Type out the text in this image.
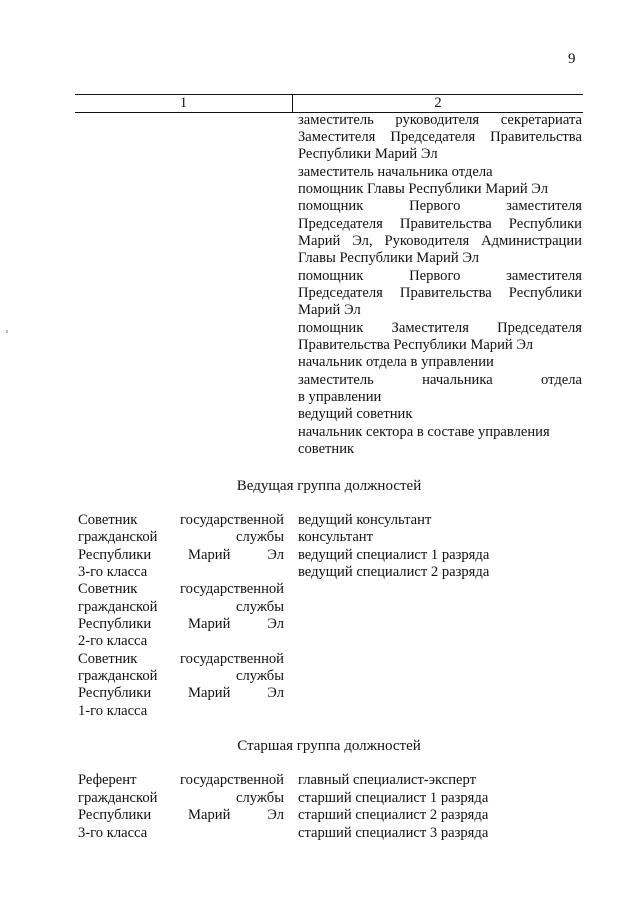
9
1	2
заместитель руководителя секретариата
Заместителя Председателя Правительства
Республики Марий Эл
заместитель начальника отдела
помощник Главы Республики Марий Эл
помощник Первого заместителя
Председателя Правительства Республики
Марий Эл, Руководителя Администрации
Главы Республики Марий Эл
помощник Первого заместителя
Председателя Правительства Республики
Марий Эл
помощник Заместителя Председателя
Правительства Республики Марий Эл
начальник отдела в управлении
заместитель начальника отдела
в управлении
ведущий советник
начальник сектора в составе управления
советник
Ведущая группа должностей
Советник государственной
гражданской службы
Республики Марий Эл
3-го класса
Советник государственной
гражданской службы
Республики Марий Эл
2-го класса
Советник государственной
гражданской службы
Республики Марий Эл
1-го класса
ведущий консультант
консультант
ведущий специалист 1 разряда
ведущий специалист 2 разряда
Старшая группа должностей
Референт государственной
гражданской службы
Республики Марий Эл
3-го класса
главный специалист-эксперт
старший специалист 1 разряда
старший специалист 2 разряда
старший специалист 3 разряда
